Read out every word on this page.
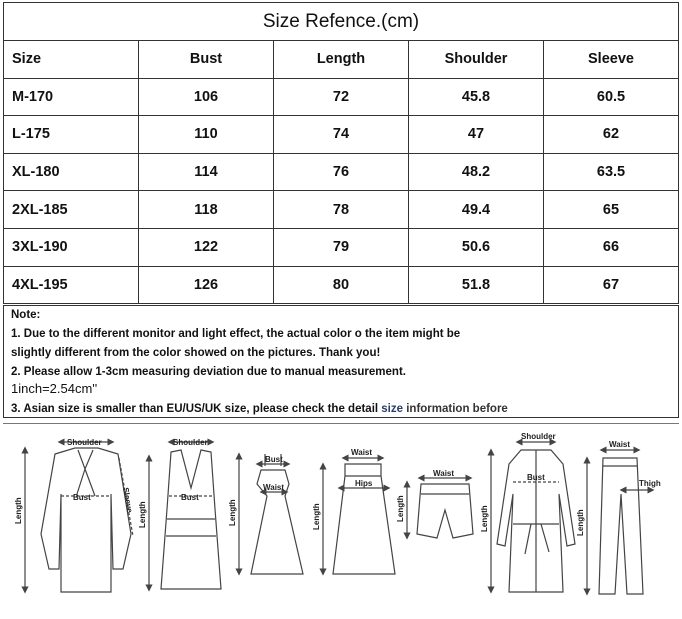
Size Refence.(cm)				
Size	Bust	Length	Shoulder	Sleeve
M-170	106	72	45.8	60.5
L-175	110	74	47	62
XL-180	114	76	48.2	63.5
2XL-185	118	78	49.4	65
3XL-190	122	79	50.6	66
4XL-195	126	80	51.8	67
Note:
1. Due to the different monitor and light effect, the actual color o the item might be
slightly different from the color showed on the pictures. Thank you!
2. Please allow 1-3cm measuring deviation due to manual measurement.
1inch=2.54cm''
3. Asian size is smaller than EU/US/UK size, please check the detail size information before
Shoulder
Bust
Length	Sleeve
Shoulder
Bust
Length
Bust
Waist
Length
Waist
Hips
Length
Waist
Length
Shoulder
Bust
Length
Waist
Thigh
Length
